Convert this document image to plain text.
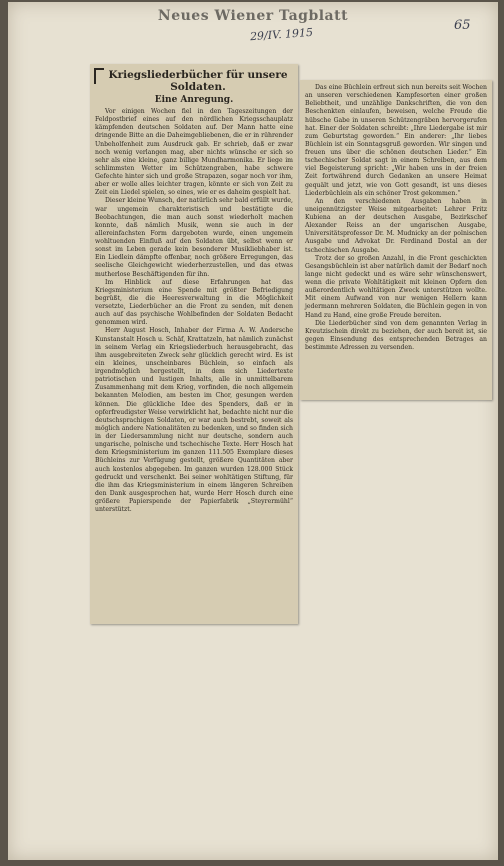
Neues Wiener Tagblatt
29/IV. 1915
65
Kriegsliederbücher für unsere Soldaten.
Eine Anregung.

Vor einigen Wochen fiel in den Tageszeitungen der Feldpostbrief eines auf den nördlichen Kriegsschauplatz kämpfenden deutschen Soldaten auf. Der Mann hatte eine dringende Bitte an die Daheimgebliebenen, die er in rührender Unbeholfenheit zum Ausdruck gab. Er schrieb, daß er zwar noch wenig verlangen mag, aber nichts wünsche er sich so sehr als eine kleine, ganz billige Mundharmonika. Er liege im schlimmsten Wetter im Schützengraben, habe schwere Gefechte hinter sich und große Strapazen, sogar noch vor ihm, aber er wolle alles leichter tragen, könnte er sich von Zeit zu Zeit ein Liedel spielen, so eines, wie er es daheim gespielt hat.

Dieser kleine Wunsch, der natürlich sehr bald erfüllt wurde, war ungemein charakteristisch und bestätigte die Beobachtungen, die man auch sonst wiederholt machen konnte, daß nämlich Musik, wenn sie auch in der allereinfachsten Form dargeboten wurde, einen ungemein wohltuenden Einfluß auf den Soldaten übt, selbst wenn er sonst im Leben gerade kein besonderer Musikliebhaber ist. Ein Liedlein dämpfte offenbar, noch größere Erregungen, das seelische Gleichgewicht wiederherzustellen, und das etwas mutherlose Beschäftigenden für ihn.

Im Hinblick auf diese Erfahrungen hat das Kriegsministerium eine Spende mit größter Befriedigung begrüßt, die die Heeresverwaltung in die Möglichkeit versetzte, Liederbücher an die Front zu senden, mit denen auch auf das psychische Wohlbefinden der Soldaten Bedacht genommen wird.

Herr August Hosch, Inhaber der Firma A. W. Andersche Kunstanstalt Hosch u. Schäf, Krattatzeln, hat nämlich zunächst in seinem Verlag ein Kriegsliederbuch herausgebracht, das ihm ausgebreiteten Zweck sehr glücklich gerecht wird. Es ist ein kleines, unscheinbares Büchlein, so einfach als irgendmöglich hergestellt, in dem sich Liedertexte patriotischen und lustigen Inhalts, alle in unmittelbarem Zusammenhang mit dem Krieg, vorfinden, die noch allgemein bekannten Melodien, am besten im Chor, gesungen werden können. Die glückliche Idee des Spenders, daß er in opferfreudigster Weise verwirklicht hat, bedachte nicht nur die deutschsprachigen Soldaten, er war auch bestrebt, soweit als möglich andere Nationalitäten zu bedenken, und so finden sich in der Liedersammlung nicht nur deutsche, sondern auch ungarische, polnische und tschechische Texte. Herr Hosch hat dem Kriegsministerium im ganzen 111.505 Exemplare dieses Büchleins zur Verfügung gestellt, größere Quantitäten aber auch kostenlos abgegeben. Im ganzen wurden 128.000 Stück gedruckt und verschenkt. Bei seiner wohltätigen Stiftung, für die ihm das Kriegsministerium in einem längeren Schreiben den Dank ausgesprochen hat, wurde Herr Hosch durch eine größere Papierspende der Papierfabrik „Steyrermühl“ unterstützt.

Das eine Büchlein erfreut sich nun bereits seit Wochen an unseren verschiedenen Kampfesorten einer großen Beliebtheit, und unzählige Dankschriften, die von den Beschenkten einlaufen, beweisen, welche Freude die hübsche Gabe in unseren Schützengräben hervorgerufen hat. Einer der Soldaten schreibt: „Ihre Liedergabe ist mir zum Geburtstag geworden.“ Ein anderer: „Ihr liebes Büchlein ist ein Sonntagsgruß geworden. Wir singen und freuen uns über die schönen deutschen Lieder.“ Ein tschechischer Soldat sagt in einem Schreiben, aus dem viel Begeisterung spricht: „Wir haben uns in der freien Zeit fortwährend durch Gedanken an unsere Heimat gequält und jetzt, wie von Gott gesandt, ist uns dieses Liederbüchlein als ein schöner Trost gekommen.“

An den verschiedenen Ausgaben haben in uneigennützigster Weise mitgearbeitet: Lehrer Fritz Kubiena an der deutschen Ausgabe, Bezirkschef Alexander Reiss an der ungarischen Ausgabe, Universitätsprofessor Dr. M. Mudnicky an der polnischen Ausgabe und Advokat Dr. Ferdinand Dostal an der tschechischen Ausgabe.

Trotz der so großen Anzahl, in die Front geschickten Gesangsbüchlein ist aber natürlich damit der Bedarf noch lange nicht gedeckt und es wäre sehr wünschenswert, wenn die private Wohltätigkeit mit kleinen Opfern den außerordentlich wohltätigen Zweck unterstützen wollte. Mit einem Aufwand von nur wenigen Hellern kann jedermann mehreren Soldaten, die Büchlein gegen in von Hand zu Hand, eine große Freude bereiten.

Die Liederbücher sind von dem genannten Verlag in Kreutzischein direkt zu beziehen, der auch bereit ist, sie gegen Einsendung des entsprechenden Betrages an bestimmte Adressen zu versenden.
